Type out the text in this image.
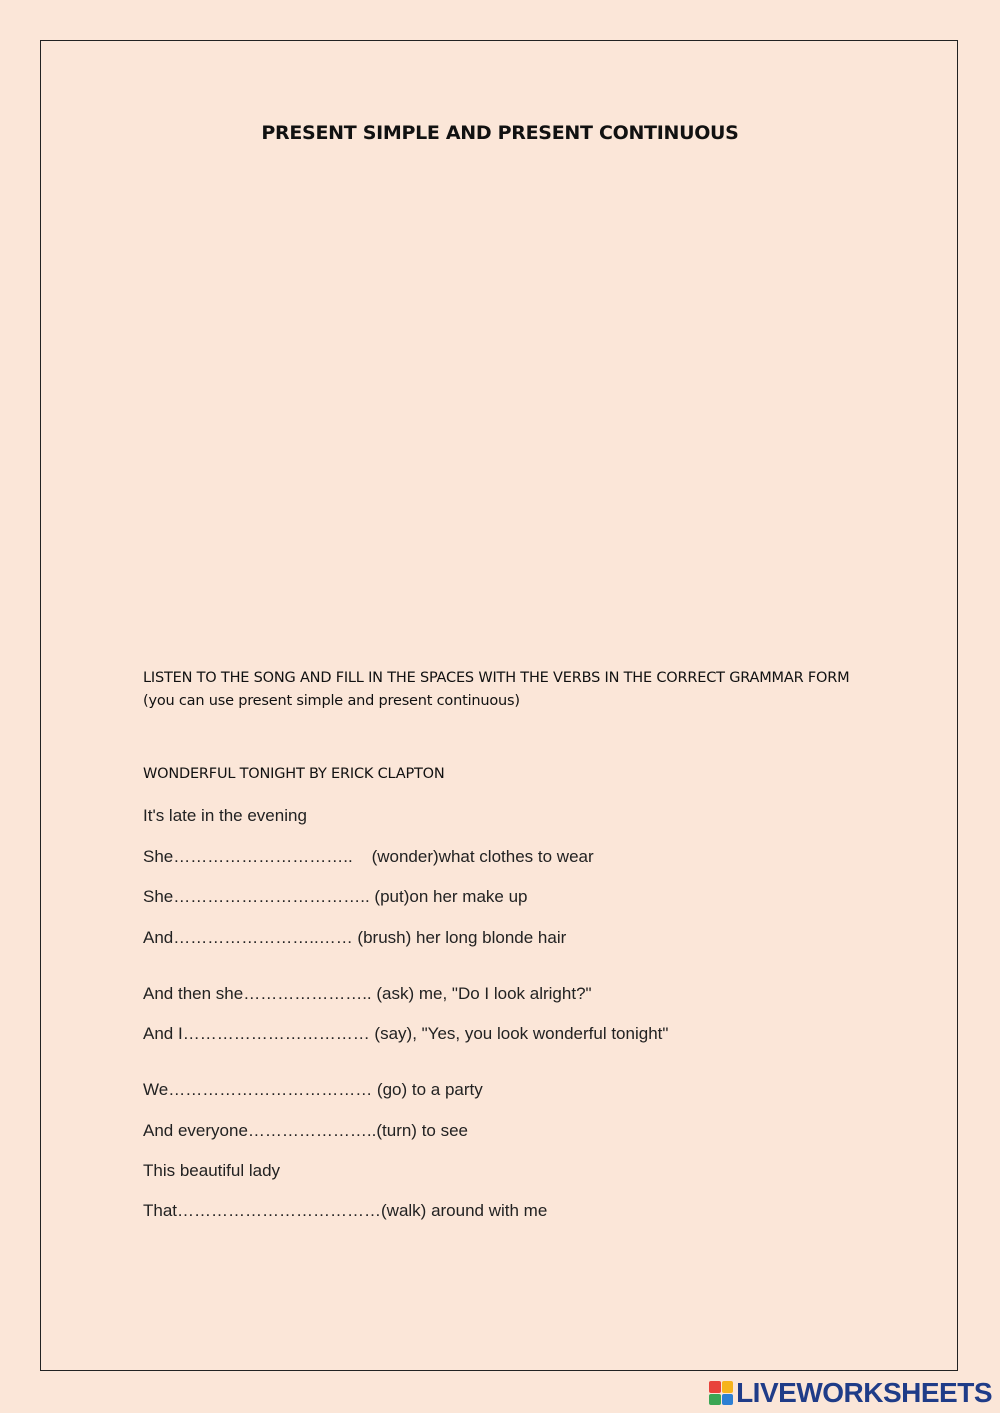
PRESENT SIMPLE AND PRESENT CONTINUOUS
LISTEN TO THE SONG AND FILL IN THE SPACES WITH THE VERBS IN THE CORRECT GRAMMAR FORM (you can use present simple and present continuous)
WONDERFUL TONIGHT BY ERICK CLAPTON
It's late in the evening
She…………………………..    (wonder)what clothes to wear
She…………………………….. (put)on her make up
And……………………..…… (brush) her long blonde hair
And then she………………….. (ask) me, "Do I look alright?"
And I…………………………… (say), "Yes, you look wonderful tonight"
We……………………………… (go) to a party
And everyone…………………..(turn) to see
This beautiful lady
That………………………………(walk) around with me
LIVEWORKSHEETS
